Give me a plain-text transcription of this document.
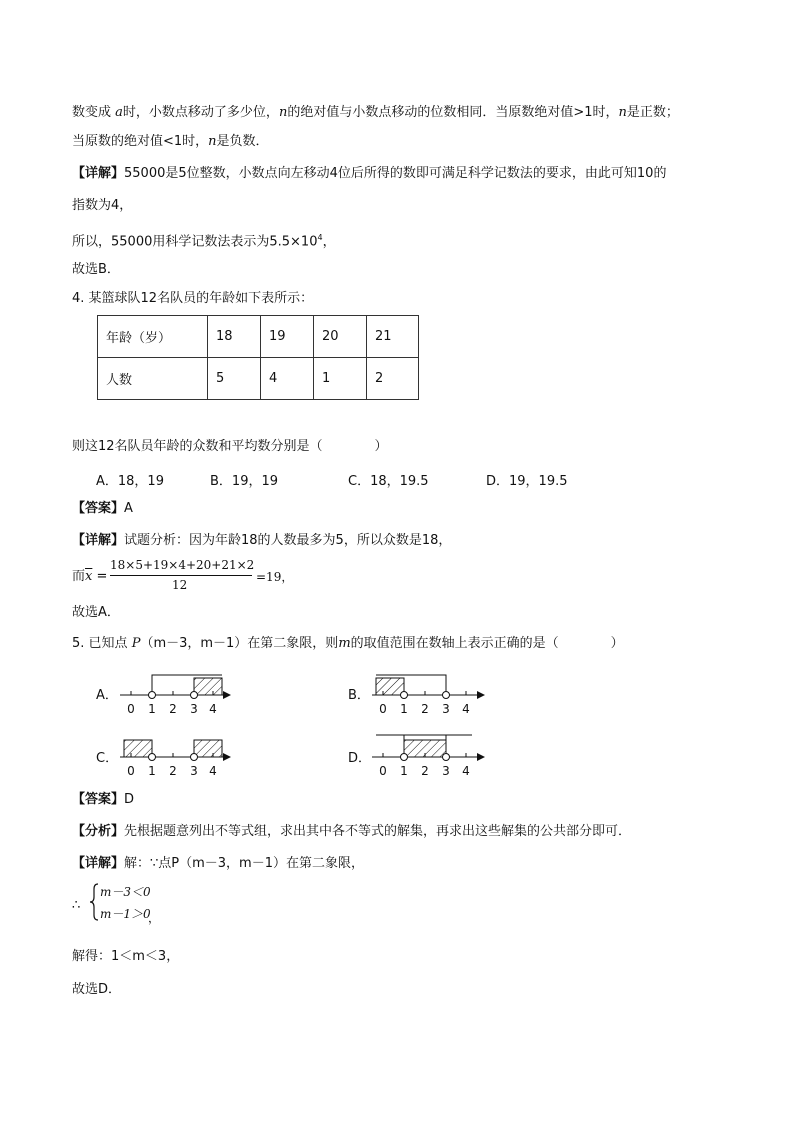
数变成 a时，小数点移动了多少位，n的绝对值与小数点移动的位数相同．当原数绝对值>1时，n是正数；
当原数的绝对值<1时，n是负数．
【详解】55000是5位整数，小数点向左移动4位后所得的数即可满足科学记数法的要求，由此可知10的
指数为4，
所以，55000用科学记数法表示为$5.5\times 10^4$，
故选B．
4. 某篮球队12名队员的年龄如下表所示：
年龄（岁）	18	19	20	21
人数	5	4	1	2
则这12名队员年龄的众数和平均数分别是（　　　　）
A．18，19	B．19，19	C．18，19.5	D．19，19.5
【答案】A
【详解】试题分析：因为年龄18的人数最多为5，所以众数是18，
而$\overline{x}$ =
18×5+19×4+20+21×2
12
=19，
故选A．
5. 已知点 P（m－3，m－1）在第二象限，则m的取值范围在数轴上表示正确的是（　　　　）
A．	B．
C．	D．
0 1 2 3 4	0 1 2 3 4
0 1 2 3 4	0 1 2 3 4
【答案】D
【分析】先根据题意列出不等式组，求出其中各不等式的解集，再求出这些解集的公共部分即可．
【详解】解：∵点P（m－3，m－1）在第二象限，
∴
m－3＜0
m－1＞0
，
解得：1＜m＜3，
故选D．
